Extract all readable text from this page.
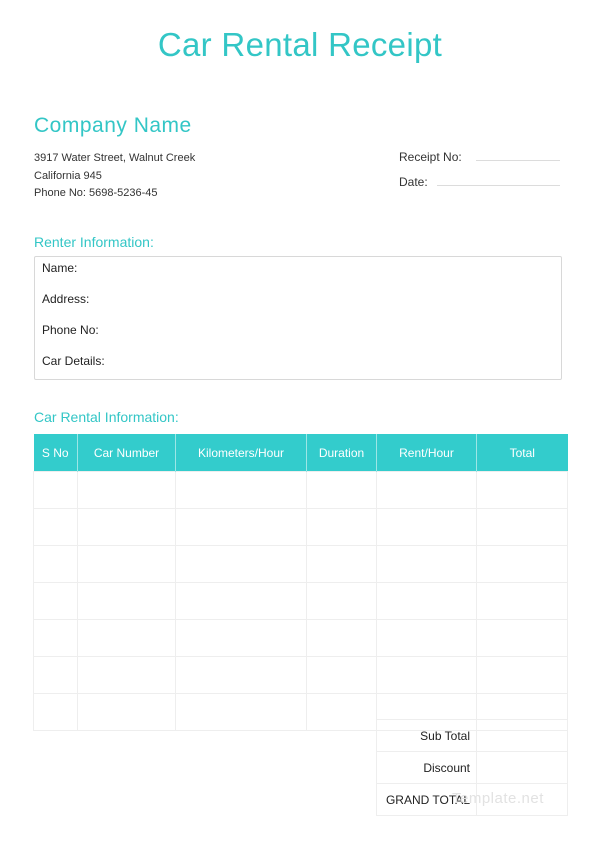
Car Rental Receipt
Company Name
3917 Water Street, Walnut Creek
California 945
Phone No: 5698-5236-45
Receipt No:
Date:
Renter Information:
Name:
Address:
Phone No:
Car Details:
Car Rental Information:
S No	Car Number	Kilometers/Hour	Duration	Rent/Hour	Total

Sub Total	
Discount	
GRAND TOTAL	
Template.net
